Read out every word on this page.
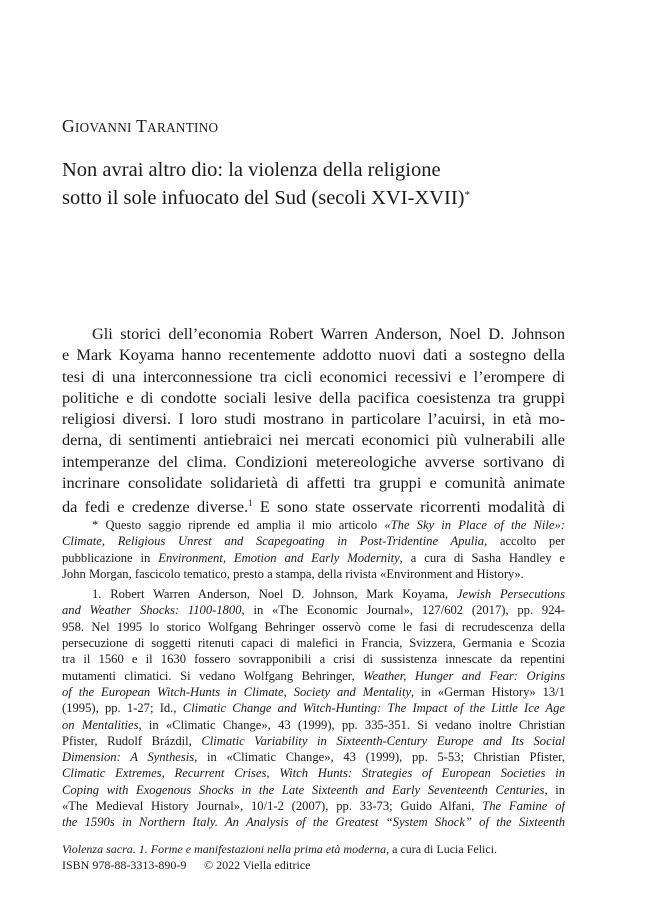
GIOVANNI TARANTINO
Non avrai altro dio: la violenza della religione
sotto il sole infuocato del Sud (secoli XVI-XVII)*
Gli storici dell’economia Robert Warren Anderson, Noel D. Johnson
e Mark Koyama hanno recentemente addotto nuovi dati a sostegno della
tesi di una interconnessione tra cicli economici recessivi e l’erompere di
politiche e di condotte sociali lesive della pacifica coesistenza tra gruppi
religiosi diversi. I loro studi mostrano in particolare l’acuirsi, in età mo-
derna, di sentimenti antiebraici nei mercati economici più vulnerabili alle
intemperanze del clima. Condizioni metereologiche avverse sortivano di
incrinare consolidate solidarietà di affetti tra gruppi e comunità animate
da fedi e credenze diverse.$^1$ E sono state osservate ricorrenti modalità di
* Questo saggio riprende ed amplia il mio articolo «The Sky in Place of the Nile»:
Climate, Religious Unrest and Scapegoating in Post-Tridentine Apulia, accolto per
pubblicazione in Environment, Emotion and Early Modernity, a cura di Sasha Handley e
John Morgan, fascicolo tematico, presto a stampa, della rivista «Environment and History».
1. Robert Warren Anderson, Noel D. Johnson, Mark Koyama, Jewish Persecutions
and Weather Shocks: 1100-1800, in «The Economic Journal», 127/602 (2017), pp. 924-
958. Nel 1995 lo storico Wolfgang Behringer osservò come le fasi di recrudescenza della
persecuzione di soggetti ritenuti capaci di malefici in Francia, Svizzera, Germania e Scozia
tra il 1560 e il 1630 fossero sovrapponibili a crisi di sussistenza innescate da repentini
mutamenti climatici. Si vedano Wolfgang Behringer, Weather, Hunger and Fear: Origins
of the European Witch-Hunts in Climate, Society and Mentality, in «German History» 13/1
(1995), pp. 1-27; Id., Climatic Change and Witch-Hunting: The Impact of the Little Ice Age
on Mentalities, in «Climatic Change», 43 (1999), pp. 335-351. Si vedano inoltre Christian
Pfister, Rudolf Brázdil, Climatic Variability in Sixteenth-Century Europe and Its Social
Dimension: A Synthesis, in «Climatic Change», 43 (1999), pp. 5-53; Christian Pfister,
Climatic Extremes, Recurrent Crises, Witch Hunts: Strategies of European Societies in
Coping with Exogenous Shocks in the Late Sixteenth and Early Seventeenth Centuries, in
«The Medieval History Journal», 10/1-2 (2007), pp. 33-73; Guido Alfani, The Famine of
the 1590s in Northern Italy. An Analysis of the Greatest “System Shock” of the Sixteenth
Violenza sacra. 1. Forme e manifestazioni nella prima età moderna, a cura di Lucia Felici.
ISBN 978-88-3313-890-9 © 2022 Viella editrice
